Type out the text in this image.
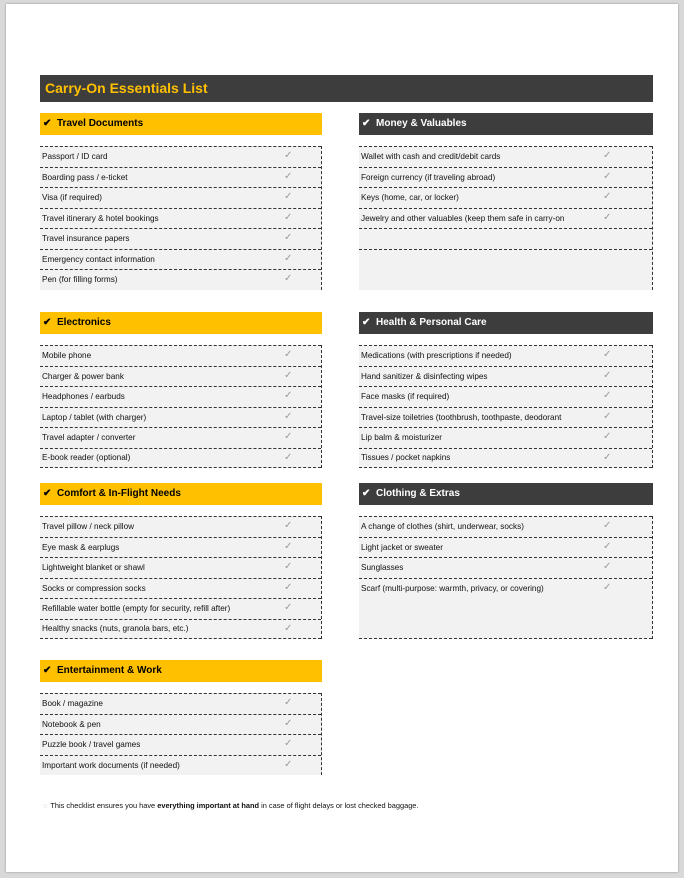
Carry-On Essentials List
✔ Travel Documents
Passport / ID card	✓
Boarding pass / e-ticket	✓
Visa (if required)	✓
Travel itinerary & hotel bookings	✓
Travel insurance papers	✓
Emergency contact information	✓
Pen (for filling forms)	✓
✔ Money & Valuables
Wallet with cash and credit/debit cards	✓
Foreign currency (if traveling abroad)	✓
Keys (home, car, or locker)	✓
Jewelry and other valuables (keep them safe in carry-on	✓
✔ Electronics
Mobile phone	✓
Charger & power bank	✓
Headphones / earbuds	✓
Laptop / tablet (with charger)	✓
Travel adapter / converter	✓
E-book reader (optional)	✓
✔ Health & Personal Care
Medications (with prescriptions if needed)	✓
Hand sanitizer & disinfecting wipes	✓
Face masks (if required)	✓
Travel-size toiletries (toothbrush, toothpaste, deodorant	✓
Lip balm & moisturizer	✓
Tissues / pocket napkins	✓
✔ Comfort & In-Flight Needs
Travel pillow / neck pillow	✓
Eye mask & earplugs	✓
Lightweight blanket or shawl	✓
Socks or compression socks	✓
Refillable water bottle (empty for security, refill after)	✓
Healthy snacks (nuts, granola bars, etc.)	✓
✔ Clothing & Extras
A change of clothes (shirt, underwear, socks)	✓
Light jacket or sweater	✓
Sunglasses	✓
Scarf (multi-purpose: warmth, privacy, or covering)	✓
✔ Entertainment & Work
Book / magazine	✓
Notebook & pen	✓
Puzzle book / travel games	✓
Important work documents (if needed)	✓
◌ This checklist ensures you have everything important at hand in case of flight delays or lost checked baggage.
